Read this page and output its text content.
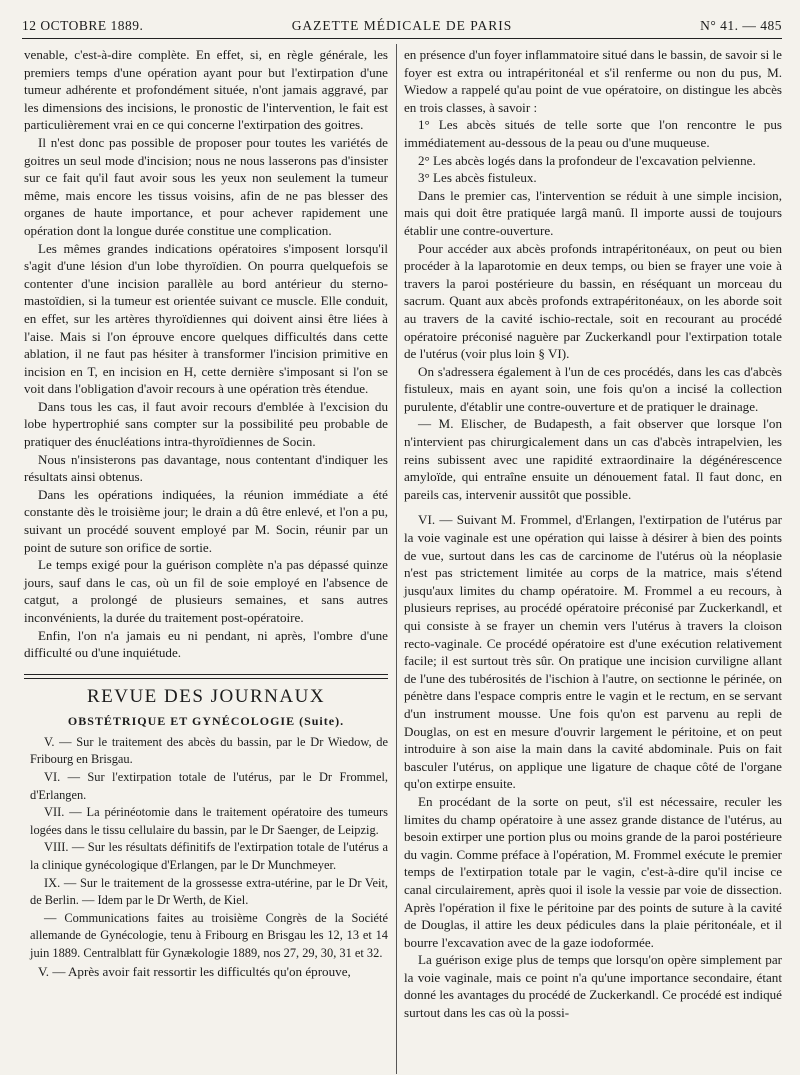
12 OCTOBRE 1889.	GAZETTE MÉDICALE DE PARIS	N° 41. — 485

venable, c'est-à-dire complète. En effet, si, en règle générale, les premiers temps d'une opération ayant pour but l'extirpation d'une tumeur adhérente et profondément située, n'ont jamais aggravé, par les dimensions des incisions, le pronostic de l'intervention, le fait est particulièrement vrai en ce qui concerne l'extirpation des goitres.

Il n'est donc pas possible de proposer pour toutes les variétés de goitres un seul mode d'incision; nous ne nous lasserons pas d'insister sur ce fait qu'il faut avoir sous les yeux non seulement la tumeur même, mais encore les tissus voisins, afin de ne pas blesser des organes de haute importance, et pour achever rapidement une opération dont la longue durée constitue une complication.

Les mêmes grandes indications opératoires s'imposent lorsqu'il s'agit d'une lésion d'un lobe thyroïdien. On pourra quelquefois se contenter d'une incision parallèle au bord antérieur du sterno-mastoïdien, si la tumeur est orientée suivant ce muscle. Elle conduit, en effet, sur les artères thyroïdiennes qui doivent ainsi être liées à l'aise. Mais si l'on éprouve encore quelques difficultés dans cette ablation, il ne faut pas hésiter à transformer l'incision primitive en incision en T, en incision en H, cette dernière s'imposant si l'on se voit dans l'obligation d'avoir recours à une opération très étendue.

Dans tous les cas, il faut avoir recours d'emblée à l'excision du lobe hypertrophié sans compter sur la possibilité peu probable de pratiquer des énucléations intra-thyroïdiennes de Socin.

Nous n'insisterons pas davantage, nous contentant d'indiquer les résultats ainsi obtenus.

Dans les opérations indiquées, la réunion immédiate a été constante dès le troisième jour; le drain a dû être enlevé, et l'on a pu, suivant un procédé souvent employé par M. Socin, réunir par un point de suture son orifice de sortie.

Le temps exigé pour la guérison complète n'a pas dépassé quinze jours, sauf dans le cas, où un fil de soie employé en l'absence de catgut, a prolongé de plusieurs semaines, et sans autres inconvénients, la durée du traitement post-opératoire.

Enfin, l'on n'a jamais eu ni pendant, ni après, l'ombre d'une difficulté ou d'une inquiétude.

REVUE DES JOURNAUX
OBSTÉTRIQUE ET GYNÉCOLOGIE (Suite).

V. — Sur le traitement des abcès du bassin, par le Dr Wiedow, de Fribourg en Brisgau.

VI. — Sur l'extirpation totale de l'utérus, par le Dr Frommel, d'Erlangen.

VII. — La périnéotomie dans le traitement opératoire des tumeurs logées dans le tissu cellulaire du bassin, par le Dr Saenger, de Leipzig.

VIII. — Sur les résultats définitifs de l'extirpation totale de l'utérus a la clinique gynécologique d'Erlangen, par le Dr Munchmeyer.

IX. — Sur le traitement de la grossesse extra-utérine, par le Dr Veit, de Berlin. — Idem par le Dr Werth, de Kiel.

— Communications faites au troisième Congrès de la Société allemande de Gynécologie, tenu à Fribourg en Brisgau les 12, 13 et 14 juin 1889. Centralblatt für Gynækologie 1889, nos 27, 29, 30, 31 et 32.

V. — Après avoir fait ressortir les difficultés qu'on éprouve,

en présence d'un foyer inflammatoire situé dans le bassin, de savoir si le foyer est extra ou intrapéritonéal et s'il renferme ou non du pus, M. Wiedow a rappelé qu'au point de vue opératoire, on distingue les abcès en trois classes, à savoir :

1° Les abcès situés de telle sorte que l'on rencontre le pus immédiatement au-dessous de la peau ou d'une muqueuse.

2° Les abcès logés dans la profondeur de l'excavation pelvienne.

3° Les abcès fistuleux.

Dans le premier cas, l'intervention se réduit à une simple incision, mais qui doit être pratiquée largâ manû. Il importe aussi de toujours établir une contre-ouverture.

Pour accéder aux abcès profonds intrapéritonéaux, on peut ou bien procéder à la laparotomie en deux temps, ou bien se frayer une voie à travers la paroi postérieure du bassin, en réséquant un morceau du sacrum. Quant aux abcès profonds extrapéritonéaux, on les aborde soit au travers de la cavité ischio-rectale, soit en recourant au procédé opératoire préconisé naguère par Zuckerkandl pour l'extirpation totale de l'utérus (voir plus loin § VI).

On s'adressera également à l'un de ces procédés, dans les cas d'abcès fistuleux, mais en ayant soin, une fois qu'on a incisé la collection purulente, d'établir une contre-ouverture et de pratiquer le drainage.

— M. Elischer, de Budapesth, a fait observer que lorsque l'on n'intervient pas chirurgicalement dans un cas d'abcès intrapelvien, les reins subissent avec une rapidité extraordinaire la dégénérescence amyloïde, qui entraîne ensuite un dénouement fatal. Il faut donc, en pareils cas, intervenir aussitôt que possible.

VI. — Suivant M. Frommel, d'Erlangen, l'extirpation de l'utérus par la voie vaginale est une opération qui laisse à désirer à bien des points de vue, surtout dans les cas de carcinome de l'utérus où la néoplasie n'est pas strictement limitée au corps de la matrice, mais s'étend jusqu'aux limites du champ opératoire. M. Frommel a eu recours, à plusieurs reprises, au procédé opératoire préconisé par Zuckerkandl, et qui consiste à se frayer un chemin vers l'utérus à travers la cloison recto-vaginale. Ce procédé opératoire est d'une exécution relativement facile; il est surtout très sûr. On pratique une incision curviligne allant de l'une des tubérosités de l'ischion à l'autre, on sectionne le périnée, on pénètre dans l'espace compris entre le vagin et le rectum, en se servant d'un instrument mousse. Une fois qu'on est parvenu au repli de Douglas, on est en mesure d'ouvrir largement le péritoine, et on peut introduire à son aise la main dans la cavité abdominale. Puis on fait basculer l'utérus, on applique une ligature de chaque côté de l'organe qu'on extirpe ensuite.

En procédant de la sorte on peut, s'il est nécessaire, reculer les limites du champ opératoire à une assez grande distance de l'utérus, au besoin extirper une portion plus ou moins grande de la paroi postérieure du vagin. Comme préface à l'opération, M. Frommel exécute le premier temps de l'extirpation totale par le vagin, c'est-à-dire qu'il incise ce canal circulairement, après quoi il isole la vessie par voie de dissection. Après l'opération il fixe le péritoine par des points de suture à la cavité de Douglas, il attire les deux pédicules dans la plaie péritonéale, et il bourre l'excavation avec de la gaze iodoformée.

La guérison exige plus de temps que lorsqu'on opère simplement par la voie vaginale, mais ce point n'a qu'une importance secondaire, étant donné les avantages du procédé de Zuckerkandl. Ce procédé est indiqué surtout dans les cas où la possi-
